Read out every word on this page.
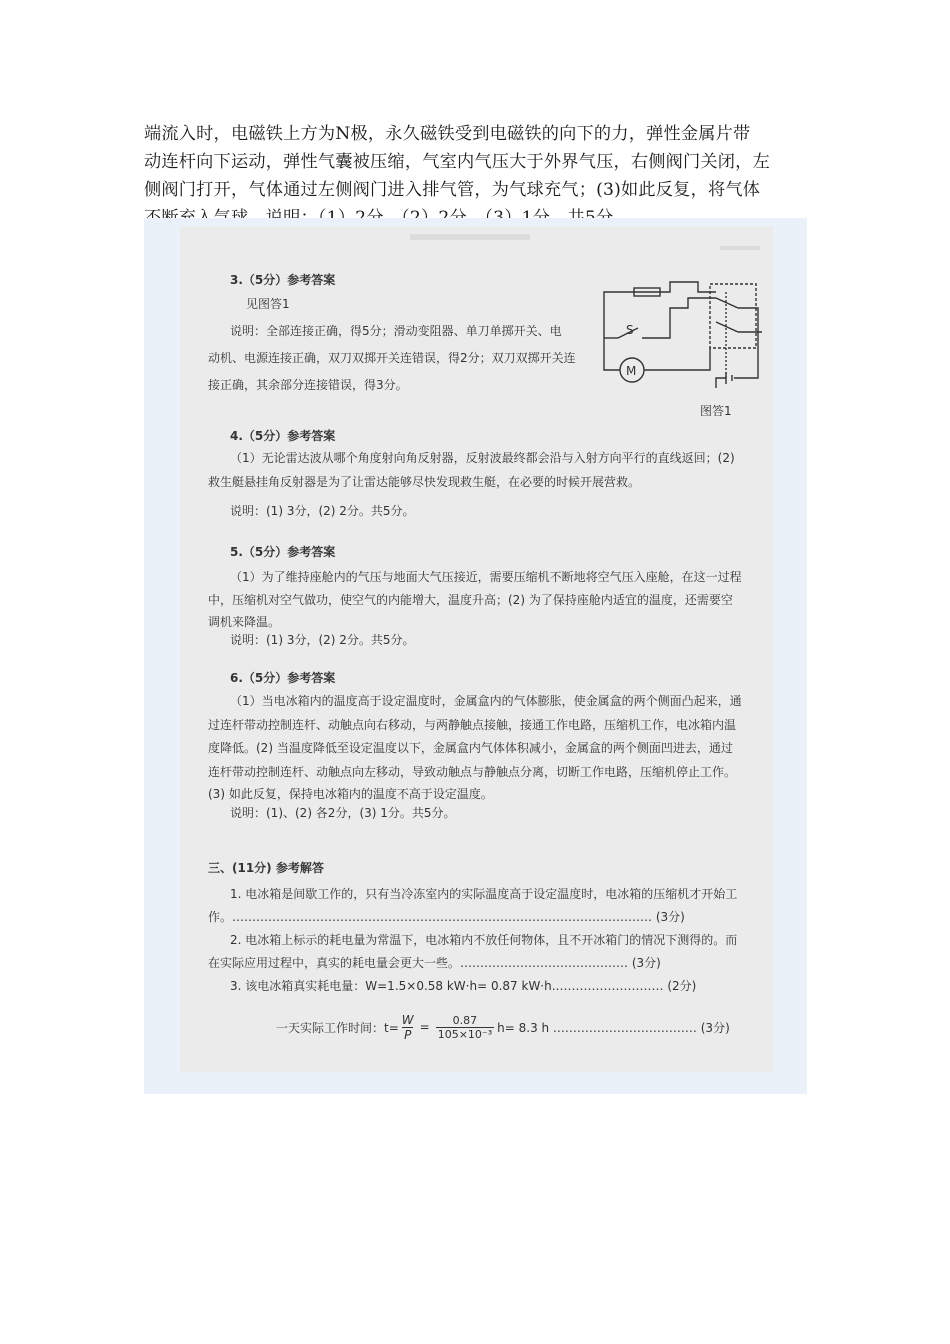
端流入时，电磁铁上方为N极，永久磁铁受到电磁铁的向下的力，弹性金属片带

动连杆向下运动，弹性气囊被压缩，气室内气压大于外界气压，右侧阀门关闭，左

侧阀门打开，气体通过左侧阀门进入排气管，为气球充气；(3)如此反复，将气体

3.（5分）参考答案
见图答1
说明：全部连接正确，得5分；滑动变阻器、单刀单掷开关、电
动机、电源连接正确，双刀双掷开关连错误，得2分；双刀双掷开关连
接正确，其余部分连接错误，得3分。
S
M
图答1
4.（5分）参考答案
（1）无论雷达波从哪个角度射向角反射器，反射波最终都会沿与入射方向平行的直线返回；(2)
救生艇悬挂角反射器是为了让雷达能够尽快发现救生艇，在必要的时候开展营救。
说明：(1) 3分，(2) 2分。共5分。
5.（5分）参考答案
（1）为了维持座舱内的气压与地面大气压接近，需要压缩机不断地将空气压入座舱，在这一过程
中，压缩机对空气做功，使空气的内能增大，温度升高；(2) 为了保持座舱内适宜的温度，还需要空
调机来降温。
说明：(1) 3分，(2) 2分。共5分。
6.（5分）参考答案
（1）当电冰箱内的温度高于设定温度时，金属盒内的气体膨胀，使金属盒的两个侧面凸起来，通
过连杆带动控制连杆、动触点向右移动，与两静触点接触，接通工作电路，压缩机工作，电冰箱内温
度降低。(2) 当温度降低至设定温度以下，金属盒内气体体积减小，金属盒的两个侧面凹进去，通过
连杆带动控制连杆、动触点向左移动，导致动触点与静触点分离，切断工作电路，压缩机停止工作。
(3) 如此反复，保持电冰箱内的温度不高于设定温度。
说明：(1)、(2) 各2分，(3) 1分。共5分。
三、(11分) 参考解答
1. 电冰箱是间歇工作的，只有当冷冻室内的实际温度高于设定温度时，电冰箱的压缩机才开始工
作。…………………………………………………………………………………………… (3分)
2. 电冰箱上标示的耗电量为常温下，电冰箱内不放任何物体，且不开冰箱门的情况下测得的。而
在实际应用过程中，真实的耗电量会更大一些。…………………………………… (3分)
3. 该电冰箱真实耗电量：W=1.5×0.58 kW·h= 0.87 kW·h.……………………… (2分)
一天实际工作时间：$t= \frac{W}{P} = \frac{0.87}{\text{105×10⁻³}} h= 8.3$ h ……………………………… (3分)
